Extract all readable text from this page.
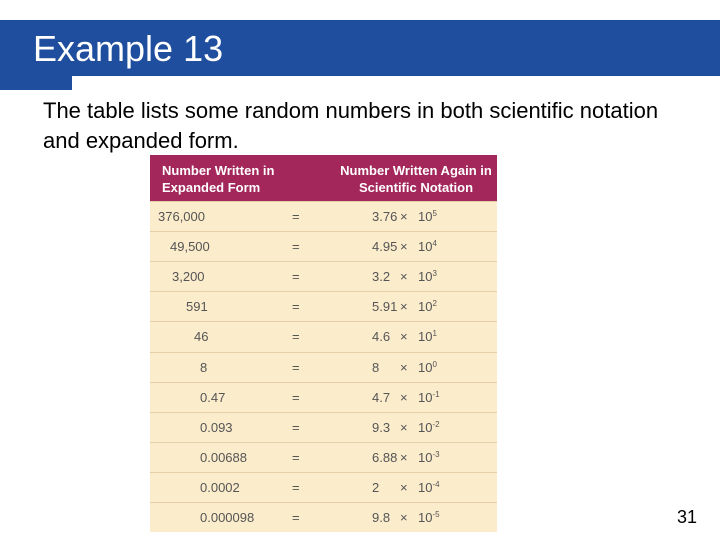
Example 13
The table lists some random numbers in both scientific notation and expanded form.
Number Written in Expanded Form
Number Written Again in Scientific Notation
376,000	=	$3.76 \times 10^5$
49,500	=	$4.95 \times 10^4$
3,200	=	$3.2 \times 10^3$
591	=	$5.91 \times 10^2$
46	=	$4.6 \times 10^1$
8	=	$8 \times 10^0$
0.47	=	$4.7 \times 10^{-1}$
0.093	=	$9.3 \times 10^{-2}$
0.00688	=	$6.88 \times 10^{-3}$
0.0002	=	$2 \times 10^{-4}$
0.000098	=	$9.8 \times 10^{-5}$	31
